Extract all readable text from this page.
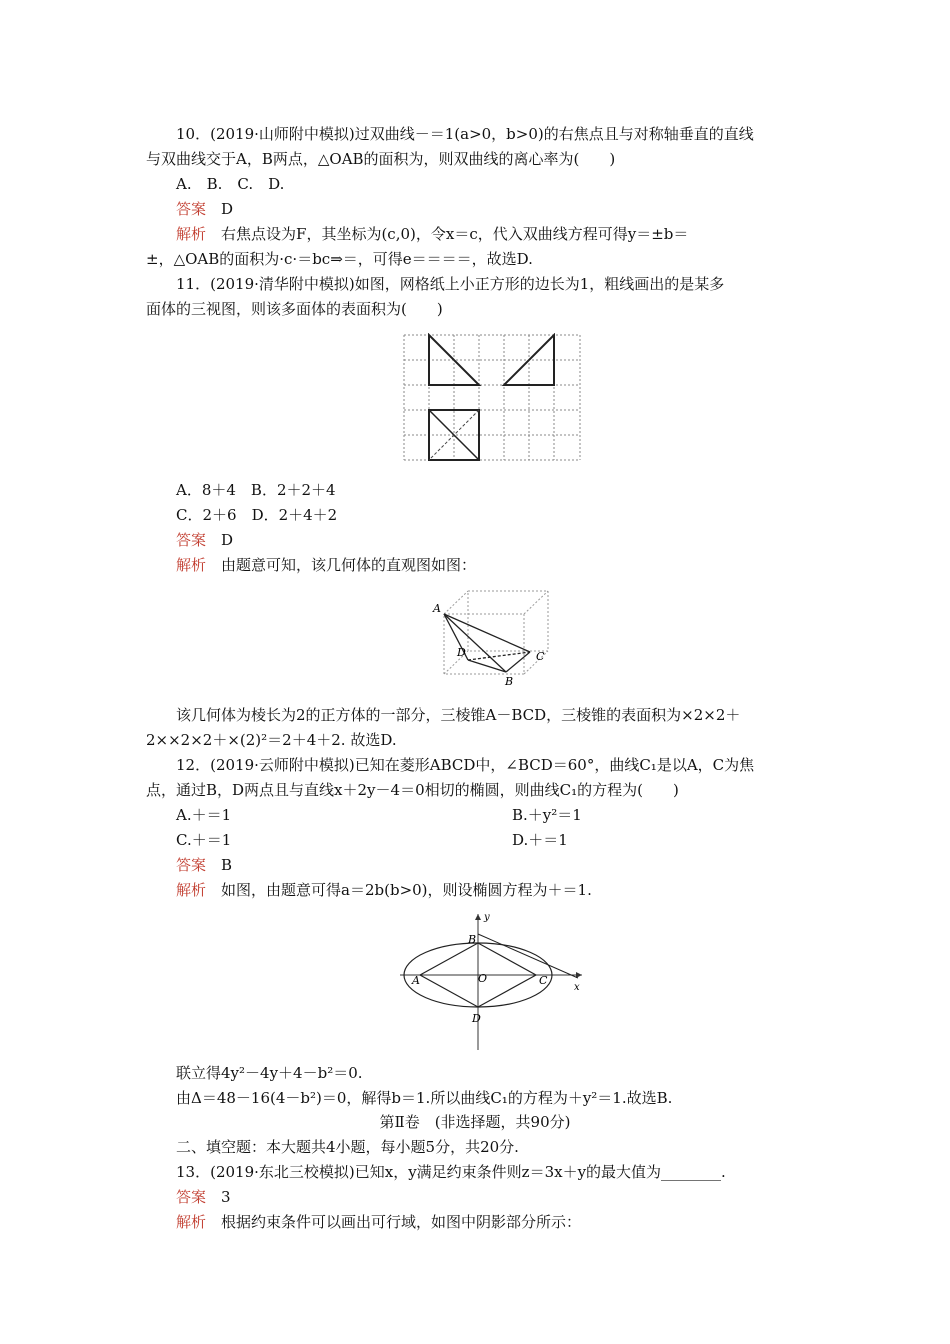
10．(2019·山师附中模拟)过双曲线－＝1(a>0，b>0)的右焦点且与对称轴垂直的直线
与双曲线交于A，B两点，△OAB的面积为，则双曲线的离心率为(　　)
A.　B.　C.　D.
答案　 D
解析　 右焦点设为F，其坐标为(c,0)，令x＝c，代入双曲线方程可得y＝±b＝
±，△OAB的面积为·c·＝bc⇒＝，可得e＝＝＝＝，故选D.
11．(2019·清华附中模拟)如图，网格纸上小正方形的边长为1，粗线画出的是某多
面体的三视图，则该多面体的表面积为(　　)
A．8＋4　B．2＋2＋4
C．2＋6　D．2＋4＋2
答案　 D
解析　 由题意可知，该几何体的直观图如图：
A
D	C
B
该几何体为棱长为2的正方体的一部分，三棱锥A－BCD，三棱锥的表面积为×2×2＋
2××2×2＋×(2)²＝2＋4＋2. 故选D.
12．(2019·云师附中模拟)已知在菱形ABCD中，∠BCD＝60°，曲线C₁是以A，C为焦
点，通过B，D两点且与直线x＋2y－4＝0相切的椭圆，则曲线C₁的方程为(　　)
A.＋＝1	B.＋y²＝1
C.＋＝1	D.＋＝1
答案　 B
解析　 如图，由题意可得a＝2b(b>0)，则设椭圆方程为＋＝1.
y
x
B
O
A	C
D
联立得4y²－4y＋4－b²＝0.
由Δ＝48－16(4－b²)＝0，解得b＝1.所以曲线C₁的方程为＋y²＝1.故选B.
第Ⅱ卷　(非选择题，共90分)
二、填空题：本大题共4小题，每小题5分，共20分.
13．(2019·东北三校模拟)已知x，y满足约束条件则z＝3x＋y的最大值为________.
答案　 3
解析　 根据约束条件可以画出可行域，如图中阴影部分所示：
